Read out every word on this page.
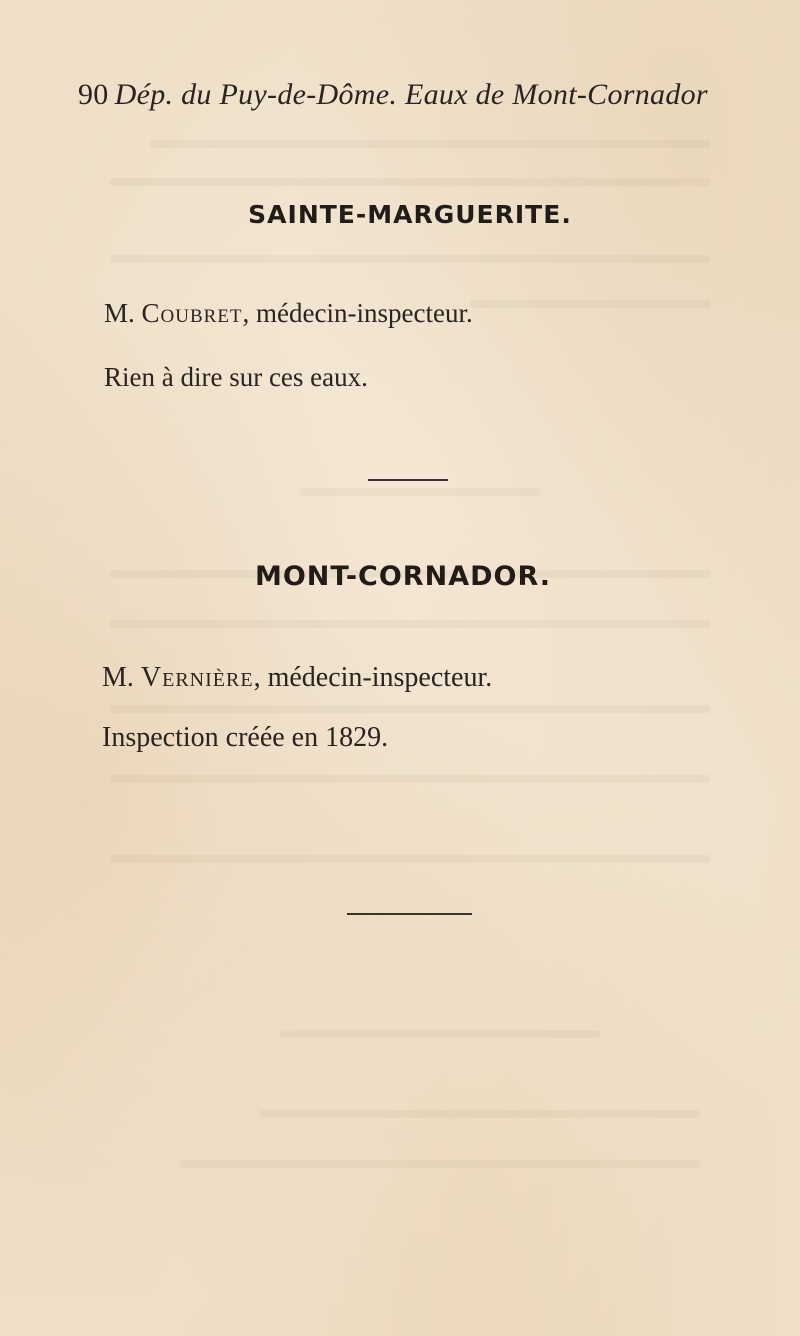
90 Dép. du Puy-de-Dôme. Eaux de Mont-Cornador
SAINTE-MARGUERITE.
M. Coubret, médecin-inspecteur.
Rien à dire sur ces eaux.
MONT-CORNADOR.
M. Vernière, médecin-inspecteur.
Inspection créée en 1829.
